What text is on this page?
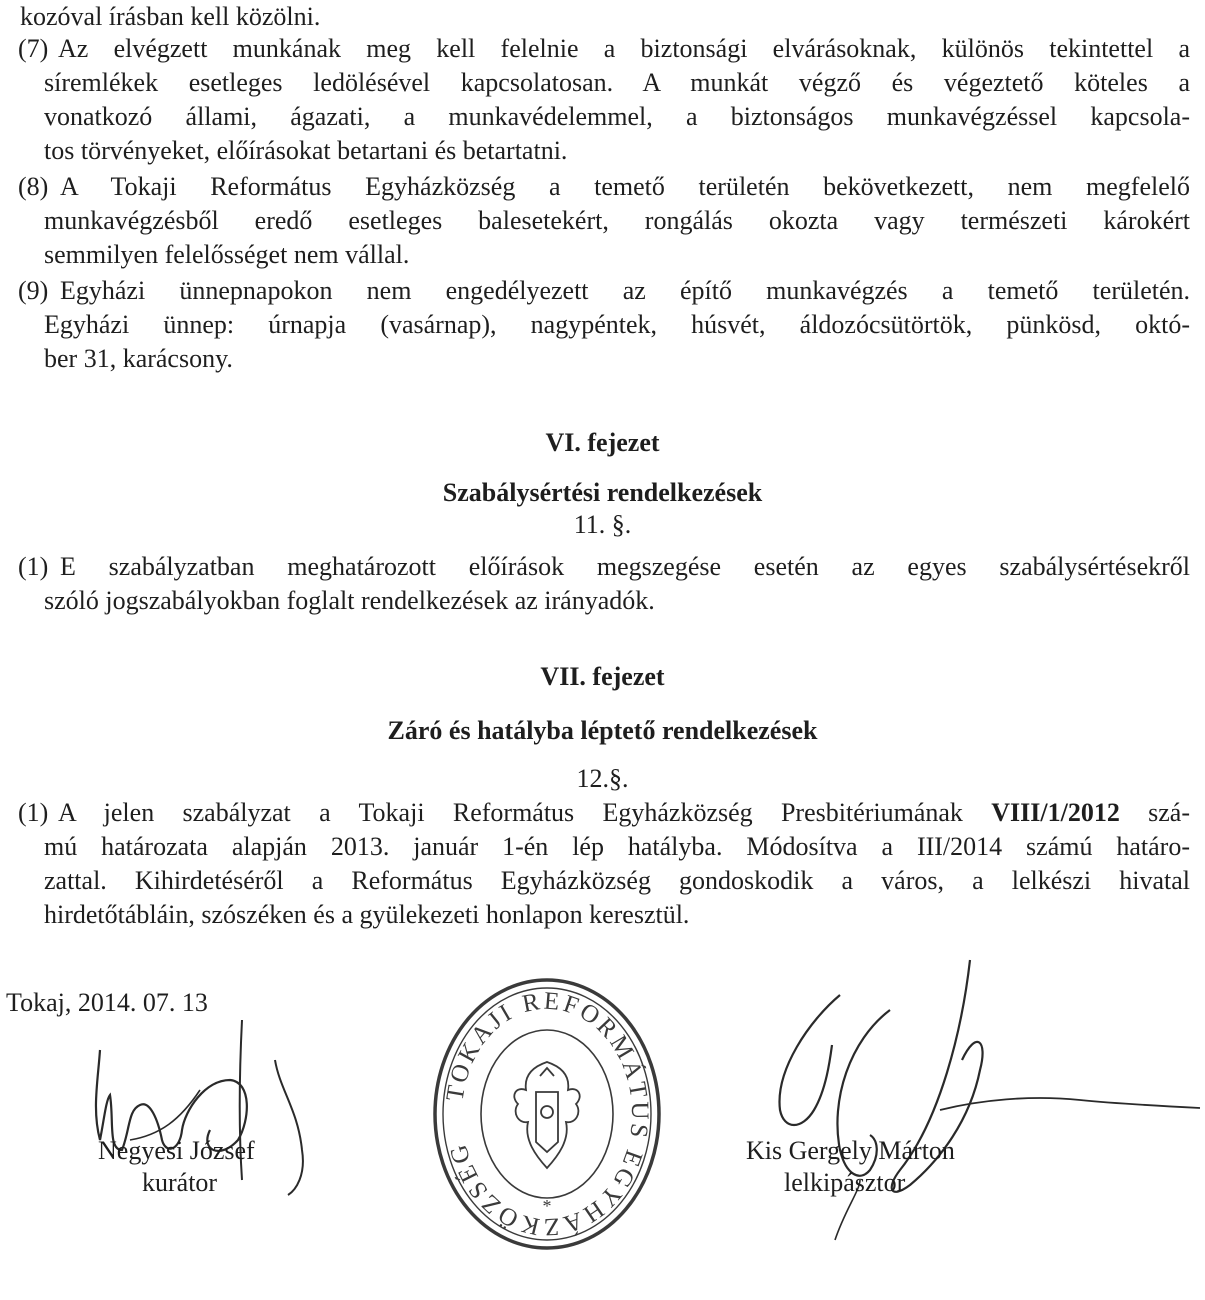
kozóval írásban kell közölni.
(7) Az elvégzett munkának meg kell felelnie a biztonsági elvárásoknak, különös tekintettel a
síremlékek esetleges ledölésével kapcsolatosan. A munkát végző és végeztető köteles a
vonatkozó állami, ágazati, a munkavédelemmel, a biztonságos munkavégzéssel kapcsola-
tos törvényeket, előírásokat betartani és betartatni.
(8) A Tokaji Református Egyházközség a temető területén bekövetkezett, nem megfelelő
munkavégzésből eredő esetleges balesetekért, rongálás okozta vagy természeti károkért
semmilyen felelősséget nem vállal.
(9) Egyházi ünnepnapokon nem engedélyezett az építő munkavégzés a temető területén.
Egyházi ünnep: úrnapja (vasárnap), nagypéntek, húsvét, áldozócsütörtök, pünkösd, októ-
ber 31, karácsony.
VI. fejezet
Szabálysértési rendelkezések
11. §.
(1) E szabályzatban meghatározott előírások megszegése esetén az egyes szabálysértésekről
szóló jogszabályokban foglalt rendelkezések az irányadók.
VII. fejezet
Záró és hatályba léptető rendelkezések
12.§.
(1) A jelen szabályzat a Tokaji Református Egyházközség Presbitériumának VIII/1/2012 szá-
mú határozata alapján 2013. január 1-én lép hatályba. Módosítva a III/2014 számú határo-
zattal. Kihirdetéséről a Református Egyházközség gondoskodik a város, a lelkészi hivatal
hirdetőtábláin, szószéken és a gyülekezeti honlapon keresztül.
Tokaj, 2014. 07. 13
Negyesi József
kurátor
TOKAJI REFORMÁTUS EGYHÁZKÖZSÉG
*
Kis Gergely Márton
lelkipásztor
